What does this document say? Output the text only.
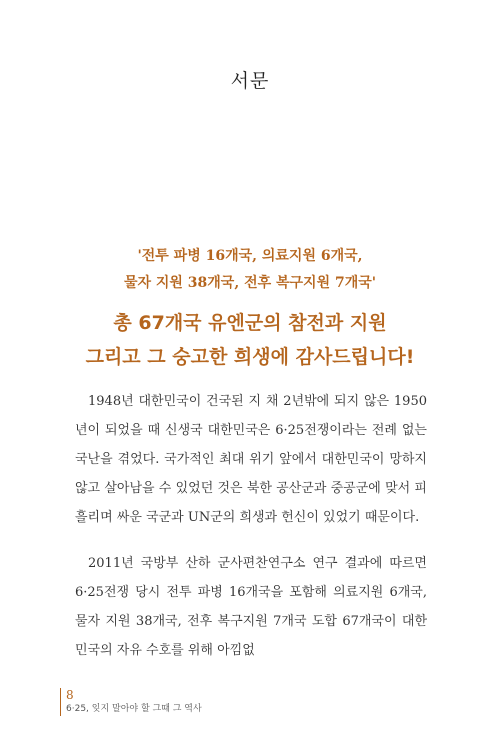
서문
'전투 파병 16개국, 의료지원 6개국,
물자 지원 38개국, 전후 복구지원 7개국'
총 67개국 유엔군의 참전과 지원
그리고 그 숭고한 희생에 감사드립니다!

1948년 대한민국이 건국된 지 채 2년밖에 되지 않은 1950년이 되었을 때 신생국 대한민국은 6·25전쟁이라는 전례 없는 국난을 겪었다. 국가적인 최대 위기 앞에서 대한민국이 망하지 않고 살아남을 수 있었던 것은 북한 공산군과 중공군에 맞서 피 흘리며 싸운 국군과 UN군의 희생과 헌신이 있었기 때문이다.

2011년 국방부 산하 군사편찬연구소 연구 결과에 따르면 6·25전쟁 당시 전투 파병 16개국을 포함해 의료지원 6개국, 물자 지원 38개국, 전후 복구지원 7개국 도합 67개국이 대한민국의 자유 수호를 위해 아낌없

8
6·25, 잊지 말아야 할 그때 그 역사
